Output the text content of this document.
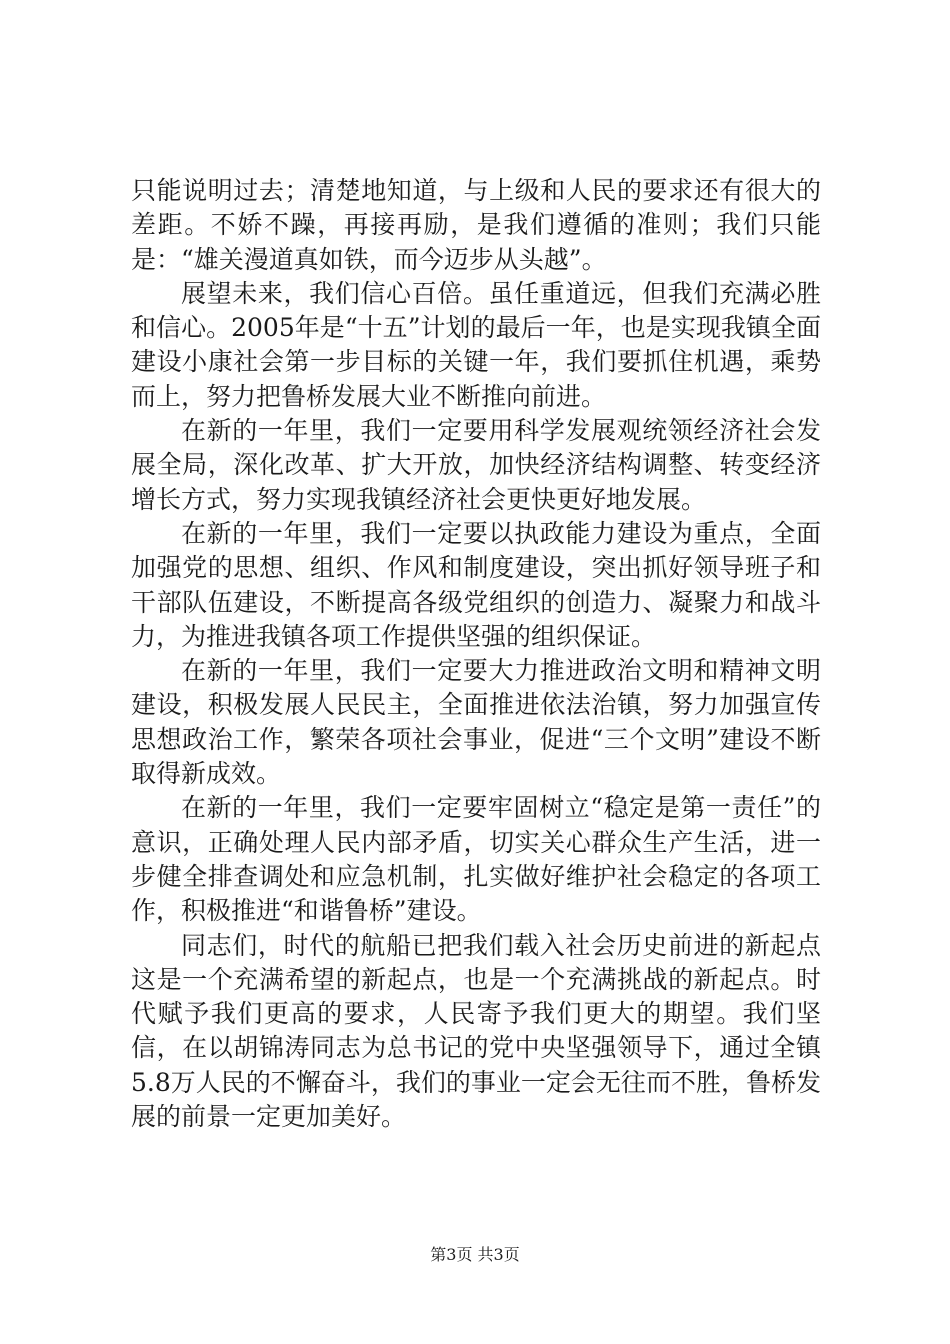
只能说明过去；清楚地知道，与上级和人民的要求还有很大的差距。不娇不躁，再接再励，是我们遵循的准则；我们只能是：“雄关漫道真如铁，而今迈步从头越”。

展望未来，我们信心百倍。虽任重道远，但我们充满必胜和信心。2005年是“十五”计划的最后一年，也是实现我镇全面建设小康社会第一步目标的关键一年，我们要抓住机遇，乘势而上，努力把鲁桥发展大业不断推向前进。

在新的一年里，我们一定要用科学发展观统领经济社会发展全局，深化改革、扩大开放，加快经济结构调整、转变经济增长方式，努力实现我镇经济社会更快更好地发展。

在新的一年里，我们一定要以执政能力建设为重点，全面加强党的思想、组织、作风和制度建设，突出抓好领导班子和干部队伍建设，不断提高各级党组织的创造力、凝聚力和战斗力，为推进我镇各项工作提供坚强的组织保证。

在新的一年里，我们一定要大力推进政治文明和精神文明建设，积极发展人民民主，全面推进依法治镇，努力加强宣传思想政治工作，繁荣各项社会事业，促进“三个文明”建设不断取得新成效。

在新的一年里，我们一定要牢固树立“稳定是第一责任”的意识，正确处理人民内部矛盾，切实关心群众生产生活，进一步健全排查调处和应急机制，扎实做好维护社会稳定的各项工作，积极推进“和谐鲁桥”建设。

同志们，时代的航船已把我们载入社会历史前进的新起点这是一个充满希望的新起点，也是一个充满挑战的新起点。时代赋予我们更高的要求，人民寄予我们更大的期望。我们坚信，在以胡锦涛同志为总书记的党中央坚强领导下，通过全镇5.8万人民的不懈奋斗，我们的事业一定会无往而不胜，鲁桥发展的前景一定更加美好。

第3页 共3页
